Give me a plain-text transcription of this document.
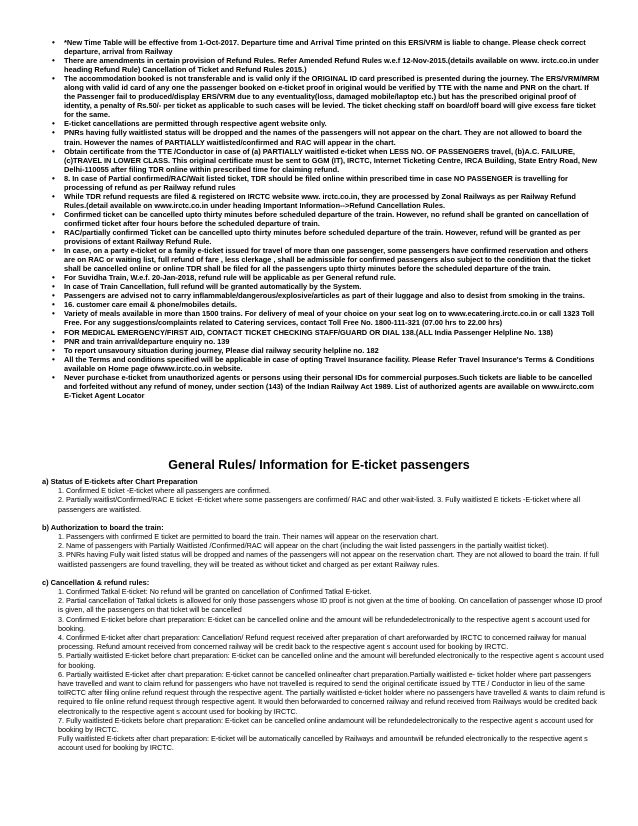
• *New Time Table will be effective from 1-Oct-2017. Departure time and Arrival Time printed on this ERS/VRM is liable to change. Please check correct departure, arrival from Railway
• There are amendments in certain provision of Refund Rules. Refer Amended Refund Rules w.e.f 12-Nov-2015.(details available on www. irctc.co.in under heading Refund Rule) Cancellation of Ticket and Refund Rules 2015.)
• The accommodation booked is not transferable and is valid only if the ORIGINAL ID card prescribed is presented during the journey. The ERS/VRM/MRM along with valid id card of any one the passenger booked on e-ticket proof in original would be verified by TTE with the name and PNR on the chart. If the Passenger fail to produced/display ERS/VRM due to any eventuality(loss, damaged mobile/laptop etc.) but has the prescribed original proof of identity, a penalty of Rs.50/- per ticket as applicable to such cases will be levied. The ticket checking staff on board/off board will give excess fare ticket for the same.
• E-ticket cancellations are permitted through respective agent website only.
• PNRs having fully waitlisted status will be dropped and the names of the passengers will not appear on the chart. They are not allowed to board the train. However the names of PARTIALLY waitlisted/confirmed and RAC will appear in the chart.
• Obtain certificate from the TTE /Conductor in case of (a) PARTIALLY waitlisted e-ticket when LESS NO. OF PASSENGERS travel, (b)A.C. FAILURE, (c)TRAVEL IN LOWER CLASS. This original certificate must be sent to GGM (IT), IRCTC, Internet Ticketing Centre, IRCA Building, State Entry Road, New Delhi-110055 after filing TDR online within prescribed time for claiming refund.
• 8. In case of Partial confirmed/RAC/Wait listed ticket, TDR should be filed online within prescribed time in case NO PASSENGER is travelling for processing of refund as per Railway refund rules
• While TDR refund requests are filed & registered on IRCTC website www. irctc.co.in, they are processed by Zonal Railways as per Railway Refund Rules.(detail available on www.irctc.co.in under heading Important Information-->Refund Cancellation Rules.
• Confirmed ticket can be cancelled upto thirty minutes before scheduled departure of the train. However, no refund shall be granted on cancellation of confirmed ticket after four hours before the scheduled departure of train.
• RAC/partially confirmed Ticket can be cancelled upto thirty minutes before scheduled departure of the train. However, refund will be granted as per provisions of extant Railway Refund Rule.
• In case, on a party e-ticket or a family e-ticket issued for travel of more than one passenger, some passengers have confirmed reservation and others are on RAC or waiting list, full refund of fare , less clerkage , shall be admissible for confirmed passengers also subject to the condition that the ticket shall be cancelled online or online TDR shall be filed for all the passengers upto thirty minutes before the scheduled departure of the train.
• For Suvidha Train, W.e.f. 20-Jan-2018, refund rule will be applicable as per General refund rule.
• In case of Train Cancellation, full refund will be granted automatically by the System.
• Passengers are advised not to carry inflammable/dangerous/explosive/articles as part of their luggage and also to desist from smoking in the trains.
• 16. customer care email & phone/mobiles details.
• Variety of meals available in more than 1500 trains. For delivery of meal of your choice on your seat log on to www.ecatering.irctc.co.in or call 1323 Toll Free. For any suggestions/complaints related to Catering services, contact Toll Free No. 1800-111-321 (07.00 hrs to 22.00 hrs)
• FOR MEDICAL EMERGENCY/FIRST AID, CONTACT TICKET CHECKING STAFF/GUARD OR DIAL 138.(ALL India Passenger Helpline No. 138)
• PNR and train arrival/departure enquiry no. 139
• To report unsavoury situation during journey, Please dial railway security helpline no. 182
• All the Terms and conditions specified will be applicable in case of opting Travel Insurance facility. Please Refer Travel Insurance's Terms & Conditions available on Home page ofwww.irctc.co.in website.
• Never purchase e-ticket from unauthorized agents or persons using their personal IDs for commercial purposes.Such tickets are liable to be cancelled and forfeited without any refund of money, under section (143) of the Indian Railway Act 1989. List of authorized agents are available on www.irctc.com E-Ticket Agent Locator
General Rules/ Information for E-ticket passengers
a) Status of E-tickets after Chart Preparation
1. Confirmed E ticket -E-ticket where all passengers are confirmed.
2. Partially waitlist/Confirmed/RAC E ticket -E-ticket where some passengers are confirmed/ RAC and other wait-listed. 3. Fully waitlisted E tickets -E-ticket where all passengers are waitlisted.
b) Authorization to board the train:
1. Passengers with confirmed E ticket are permitted to board the train. Their names will appear on the reservation chart.
2. Name of passengers with Partially Waitlisted /Confirmed/RAC will appear on the chart (including the wait listed passengers in the partially waitlist ticket).
3. PNRs having Fully wait listed status will be dropped and names of the passengers will not appear on the reservation chart. They are not allowed to board the train. If full waitlisted passengers are found travelling, they will be treated as without ticket and charged as per extant Railway rules.
c) Cancellation & refund rules:
1. Confirmed Tatkal E-ticket: No refund will be granted on cancellation of Confirmed Tatkal E-ticket.
2. Partial cancellation of Tatkal tickets is allowed for only those passengers whose ID proof is not given at the time of booking. On cancellation of passenger whose ID proof is given, all the passengers on that ticket will be cancelled
3. Confirmed E-ticket before chart preparation: E-ticket can be cancelled online and the amount will be refundedelectronically to the respective agent s account used for booking.
4. Confirmed E-ticket after chart preparation: Cancellation/ Refund request received after preparation of chart areforwarded by IRCTC to concerned railway for manual processing. Refund amount received from concerned railway will be credit back to the respective agent s account used for booking by IRCTC.
5. Partially waitlisted E-ticket before chart preparation: E-ticket can be cancelled online and the amount will berefunded electronically to the respective agent s account used for booking.
6. Partially waitlisted E-ticket after chart preparation: E-ticket cannot be cancelled onlineafter chart preparation.Partially waitlisted e- ticket holder where part passengers have travelled and want to claim refund for passengers who have not travelled is required to send the original certificate issued by TTE / Conductor in lieu of the same toIRCTC after filing online refund request through the respective agent. The partially waitlisted e-ticket holder where no passengers have travelled & wants to claim refund is required to file online refund request through respective agent. It would then beforwarded to concerned railway and refund received from Railways would be credited back electronically to the respective agent s account used for booking by IRCTC.
7. Fully waitlisted E-tickets before chart preparation: E-ticket can be cancelled online andamount will be refundedelectronically to the respective agent s account used for booking by IRCTC.
Fully waitlisted E-tickets after chart preparation: E-ticket will be automatically cancelled by Railways and amountwill be refunded electronically to the respective agent s account used for booking by IRCTC.
